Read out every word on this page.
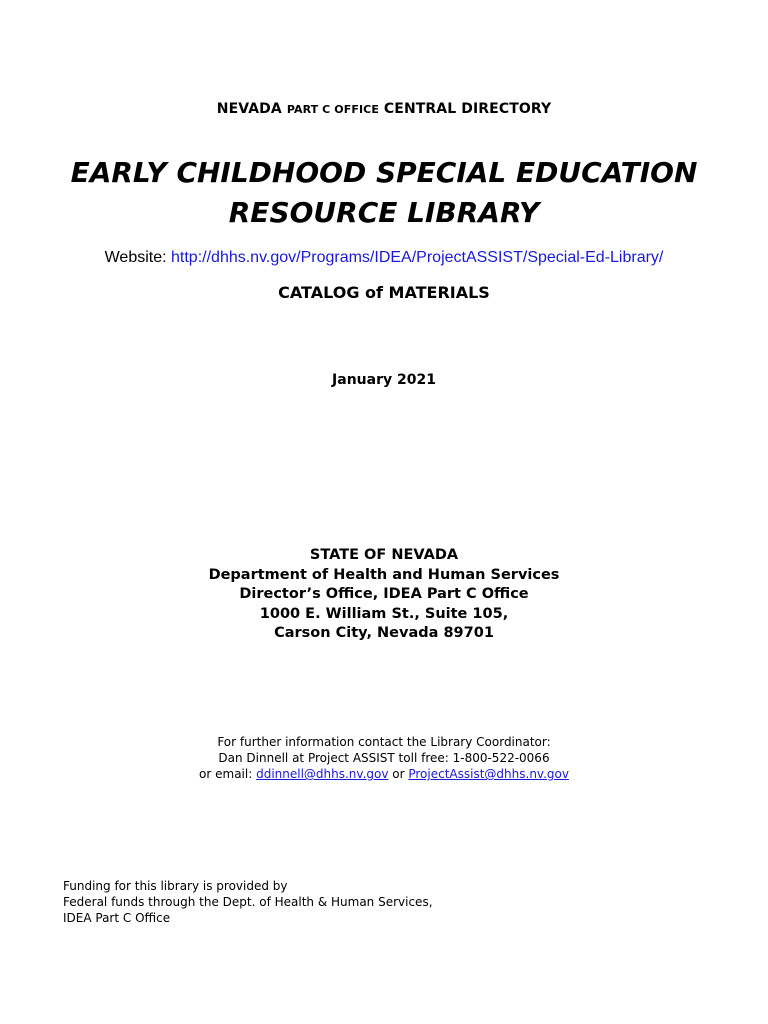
NEVADA PART C OFFICE CENTRAL DIRECTORY
EARLY CHILDHOOD SPECIAL EDUCATION
RESOURCE LIBRARY
Website: http://dhhs.nv.gov/Programs/IDEA/ProjectASSIST/Special-Ed-Library/
CATALOG of MATERIALS
January 2021
STATE OF NEVADA
Department of Health and Human Services
Director’s Office, IDEA Part C Office
1000 E. William St., Suite 105,
Carson City, Nevada 89701
For further information contact the Library Coordinator:
Dan Dinnell at Project ASSIST toll free: 1-800-522-0066
or email: ddinnell@dhhs.nv.gov or ProjectAssist@dhhs.nv.gov
Funding for this library is provided by
Federal funds through the Dept. of Health & Human Services,
IDEA Part C Office
